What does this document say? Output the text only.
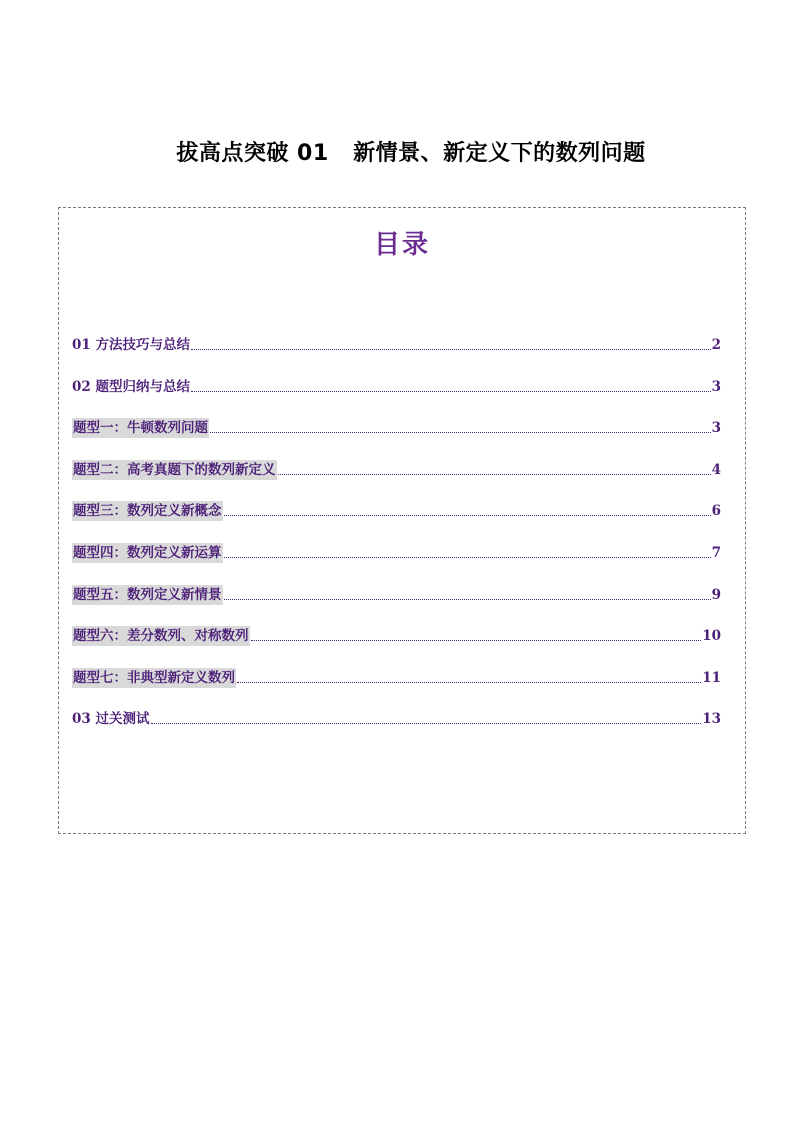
拔高点突破 01   新情景、新定义下的数列问题
目录
01 方法技巧与总结	2
02 题型归纳与总结	3
题型一：牛顿数列问题	3
题型二：高考真题下的数列新定义	4
题型三：数列定义新概念	6
题型四：数列定义新运算	7
题型五：数列定义新情景	9
题型六：差分数列、对称数列	10
题型七：非典型新定义数列	11
03 过关测试	13
